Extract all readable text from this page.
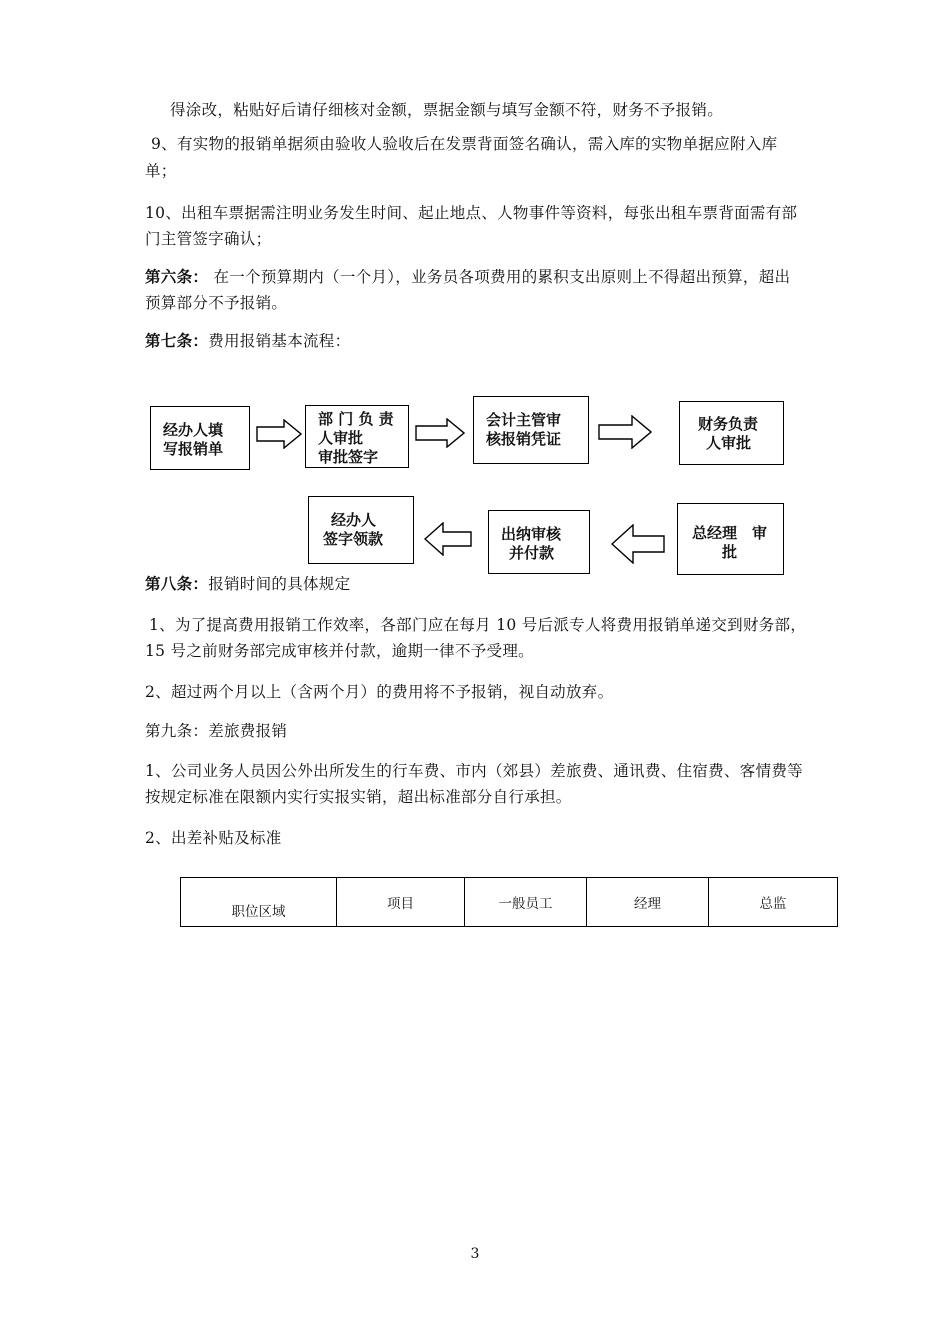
得涂改，粘贴好后请仔细核对金额，票据金额与填写金额不符，财务不予报销。
9、有实物的报销单据须由验收人验收后在发票背面签名确认，需入库的实物单据应附入库
单；
10、出租车票据需注明业务发生时间、起止地点、人物事件等资料，每张出租车票背面需有部
门主管签字确认；
第六条： 在一个预算期内（一个月），业务员各项费用的累积支出原则上不得超出预算，超出
预算部分不予报销。
第七条：费用报销基本流程：
经办人填
写报销单
部 门 负 责
人审批
审批签字
会计主管审
核报销凭证
财务负责
人审批
经办人
签字领款	出纳审核
并付款
总经理　审
批
第八条：报销时间的具体规定
1、为了提高费用报销工作效率，各部门应在每月 10 号后派专人将费用报销单递交到财务部，
15 号之前财务部完成审核并付款，逾期一律不予受理。
2、超过两个月以上（含两个月）的费用将不予报销，视自动放弃。
第九条：差旅费报销
1、公司业务人员因公外出所发生的行车费、市内（郊县）差旅费、通讯费、住宿费、客情费等
按规定标准在限额内实行实报实销，超出标准部分自行承担。
2、出差补贴及标准
职位区域	项目	一般员工	经理	总监
3
